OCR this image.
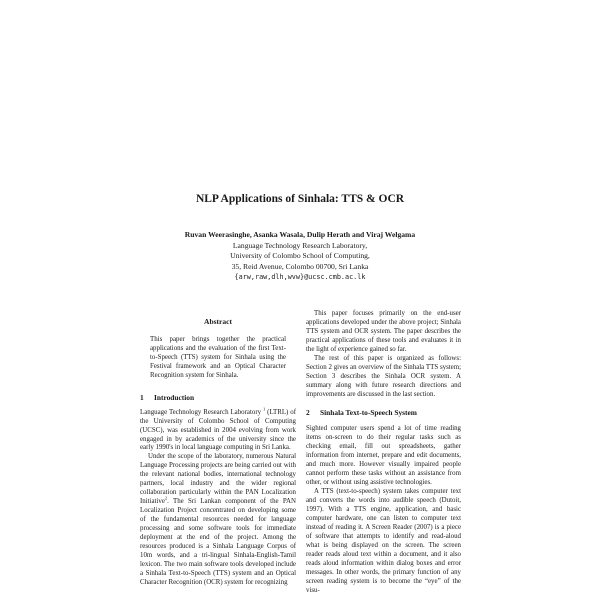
NLP Applications of Sinhala: TTS & OCR
Ruvan Weerasinghe, Asanka Wasala, Dulip Herath and Viraj Welgama
Language Technology Research Laboratory,
University of Colombo School of Computing,
35, Reid Avenue, Colombo 00700, Sri Lanka
{arw,raw,dlh,wvw}@ucsc.cmb.ac.lk
Abstract

This paper brings together the practical applications and the evaluation of the first Text-to-Speech (TTS) system for Sinhala using the Festival framework and an Optical Character Recognition system for Sinhala.

1 Introduction

Language Technology Research Laboratory $^1$ (LTRL) of the University of Colombo School of Computing (UCSC), was established in 2004 evolving from work engaged in by academics of the university since the early 1990's in local language computing in Sri Lanka.

Under the scope of the laboratory, numerous Natural Language Processing projects are being carried out with the relevant national bodies, international technology partners, local industry and the wider regional collaboration particularly within the PAN Localization Initiative$^2$. The Sri Lankan component of the PAN Localization Project concentrated on developing some of the fundamental resources needed for language processing and some software tools for immediate deployment at the end of the project. Among the resources produced is a Sinhala Language Corpus of 10m words, and a tri-lingual Sinhala-English-Tamil lexicon. The two main software tools developed include a Sinhala Text-to-Speech (TTS) system and an Optical Character Recognition (OCR) system for recognizing

This paper focuses primarily on the end-user applications developed under the above project; Sinhala TTS system and OCR system. The paper describes the practical applications of these tools and evaluates it in the light of experience gained so far.

The rest of this paper is organized as follows: Section 2 gives an overview of the Sinhala TTS system; Section 3 describes the Sinhala OCR system. A summary along with future research directions and improvements are discussed in the last section.

2 Sinhala Text-to-Speech System

Sighted computer users spend a lot of time reading items on-screen to do their regular tasks such as checking email, fill out spreadsheets, gather information from internet, prepare and edit documents, and much more. However visually impaired people cannot perform these tasks without an assistance from other, or without using assistive technologies.

A TTS (text-to-speech) system takes computer text and converts the words into audible speech (Dutoit, 1997). With a TTS engine, application, and basic computer hardware, one can listen to computer text instead of reading it. A Screen Reader (2007) is a piece of software that attempts to identify and read-aloud what is being displayed on the screen. The screen reader reads aloud text within a document, and it also reads aloud information within dialog boxes and error messages. In other words, the primary function of any screen reading system is to become the “eye” of the visu-
